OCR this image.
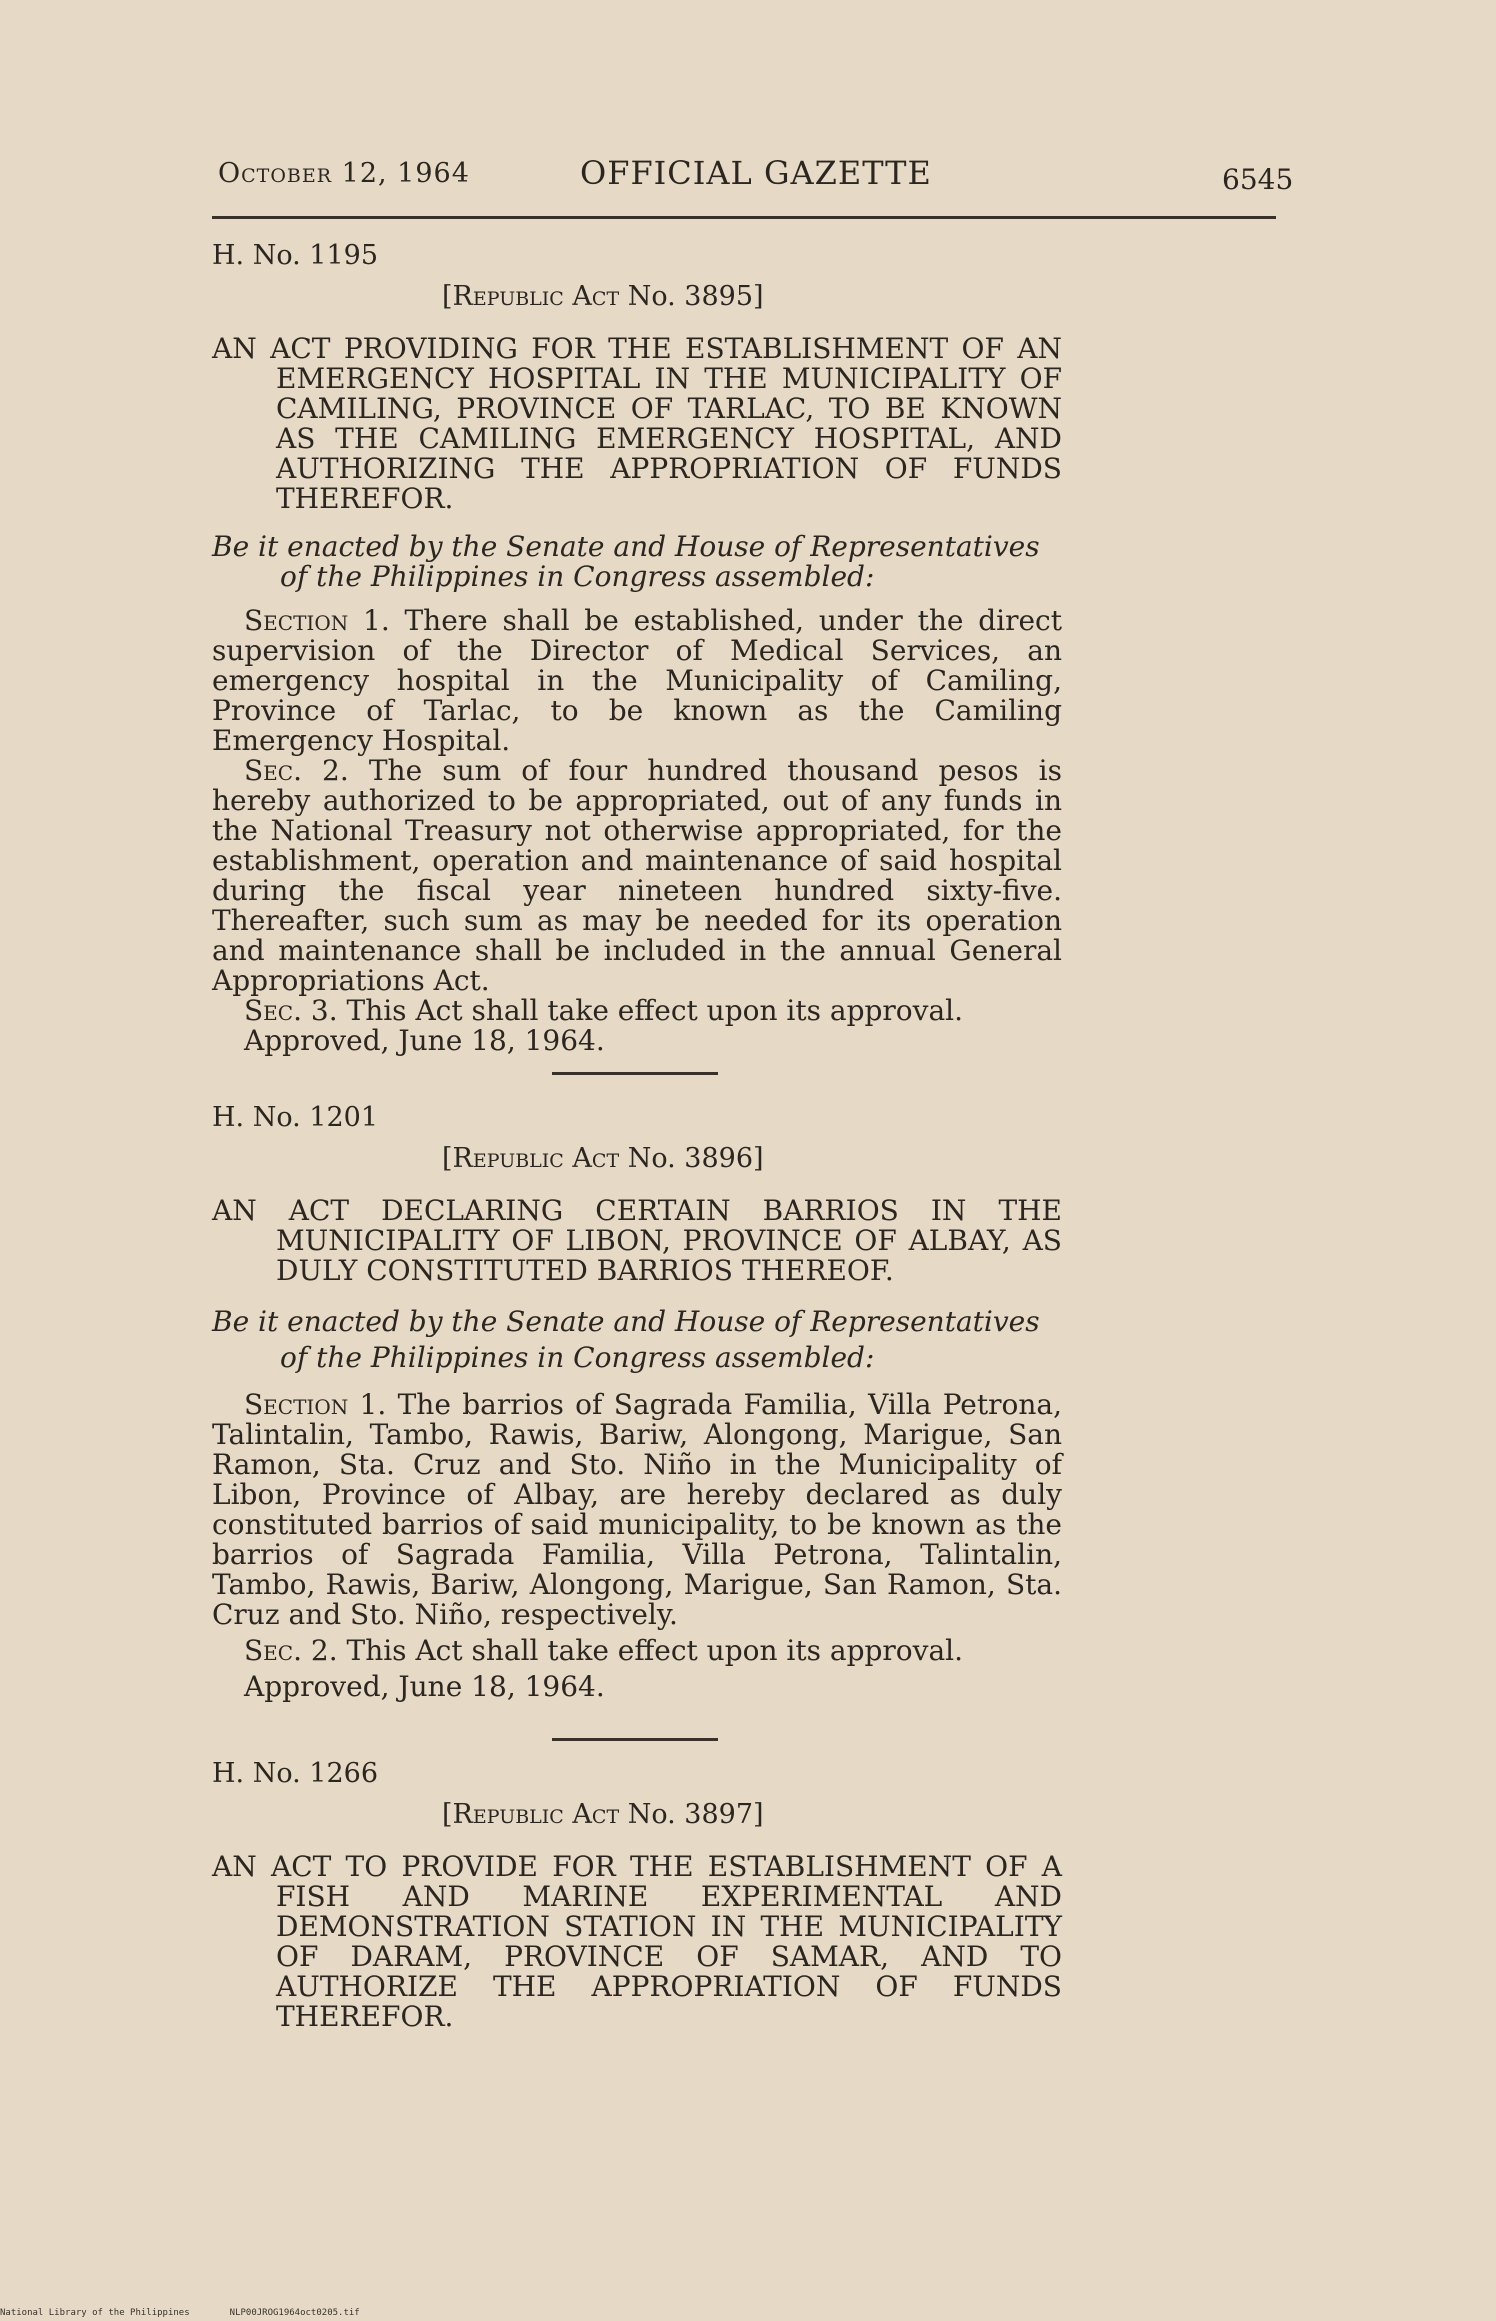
October 12, 1964	OFFICIAL GAZETTE	6545

H. No. 1195

[Republic Act No. 3895]

AN ACT PROVIDING FOR THE ESTABLISHMENT OF AN EMERGENCY HOSPITAL IN THE MUNICIPALITY OF CAMILING, PROVINCE OF TARLAC, TO BE KNOWN AS THE CAMILING EMERGENCY HOSPITAL, AND AUTHORIZING THE APPROPRIATION OF FUNDS THEREFOR.

Be it enacted by the Senate and House of Representatives of the Philippines in Congress assembled:

Section 1. There shall be established, under the direct supervision of the Director of Medical Services, an emergency hospital in the Municipality of Camiling, Province of Tarlac, to be known as the Camiling Emergency Hospital.

Sec. 2. The sum of four hundred thousand pesos is hereby authorized to be appropriated, out of any funds in the National Treasury not otherwise appropriated, for the establishment, operation and maintenance of said hospital during the fiscal year nineteen hundred sixty-five. Thereafter, such sum as may be needed for its operation and maintenance shall be included in the annual General Appropriations Act.

Sec. 3. This Act shall take effect upon its approval.

Approved, June 18, 1964.

H. No. 1201

[Republic Act No. 3896]

AN ACT DECLARING CERTAIN BARRIOS IN THE MUNICIPALITY OF LIBON, PROVINCE OF ALBAY, AS DULY CONSTITUTED BARRIOS THEREOF.

Be it enacted by the Senate and House of Representatives of the Philippines in Congress assembled:

Section 1. The barrios of Sagrada Familia, Villa Petrona, Talintalin, Tambo, Rawis, Bariw, Alongong, Marigue, San Ramon, Sta. Cruz and Sto. Niño in the Municipality of Libon, Province of Albay, are hereby declared as duly constituted barrios of said municipality, to be known as the barrios of Sagrada Familia, Villa Petrona, Talintalin, Tambo, Rawis, Bariw, Alongong, Marigue, San Ramon, Sta. Cruz and Sto. Niño, respectively.

Sec. 2. This Act shall take effect upon its approval.

Approved, June 18, 1964.

H. No. 1266

[Republic Act No. 3897]

AN ACT TO PROVIDE FOR THE ESTABLISHMENT OF A FISH AND MARINE EXPERIMENTAL AND DEMONSTRATION STATION IN THE MUNICIPALITY OF DARAM, PROVINCE OF SAMAR, AND TO AUTHORIZE THE APPROPRIATION OF FUNDS THEREFOR.

National Library of the Philippines	NLP00JROG1964oct0205.tif
